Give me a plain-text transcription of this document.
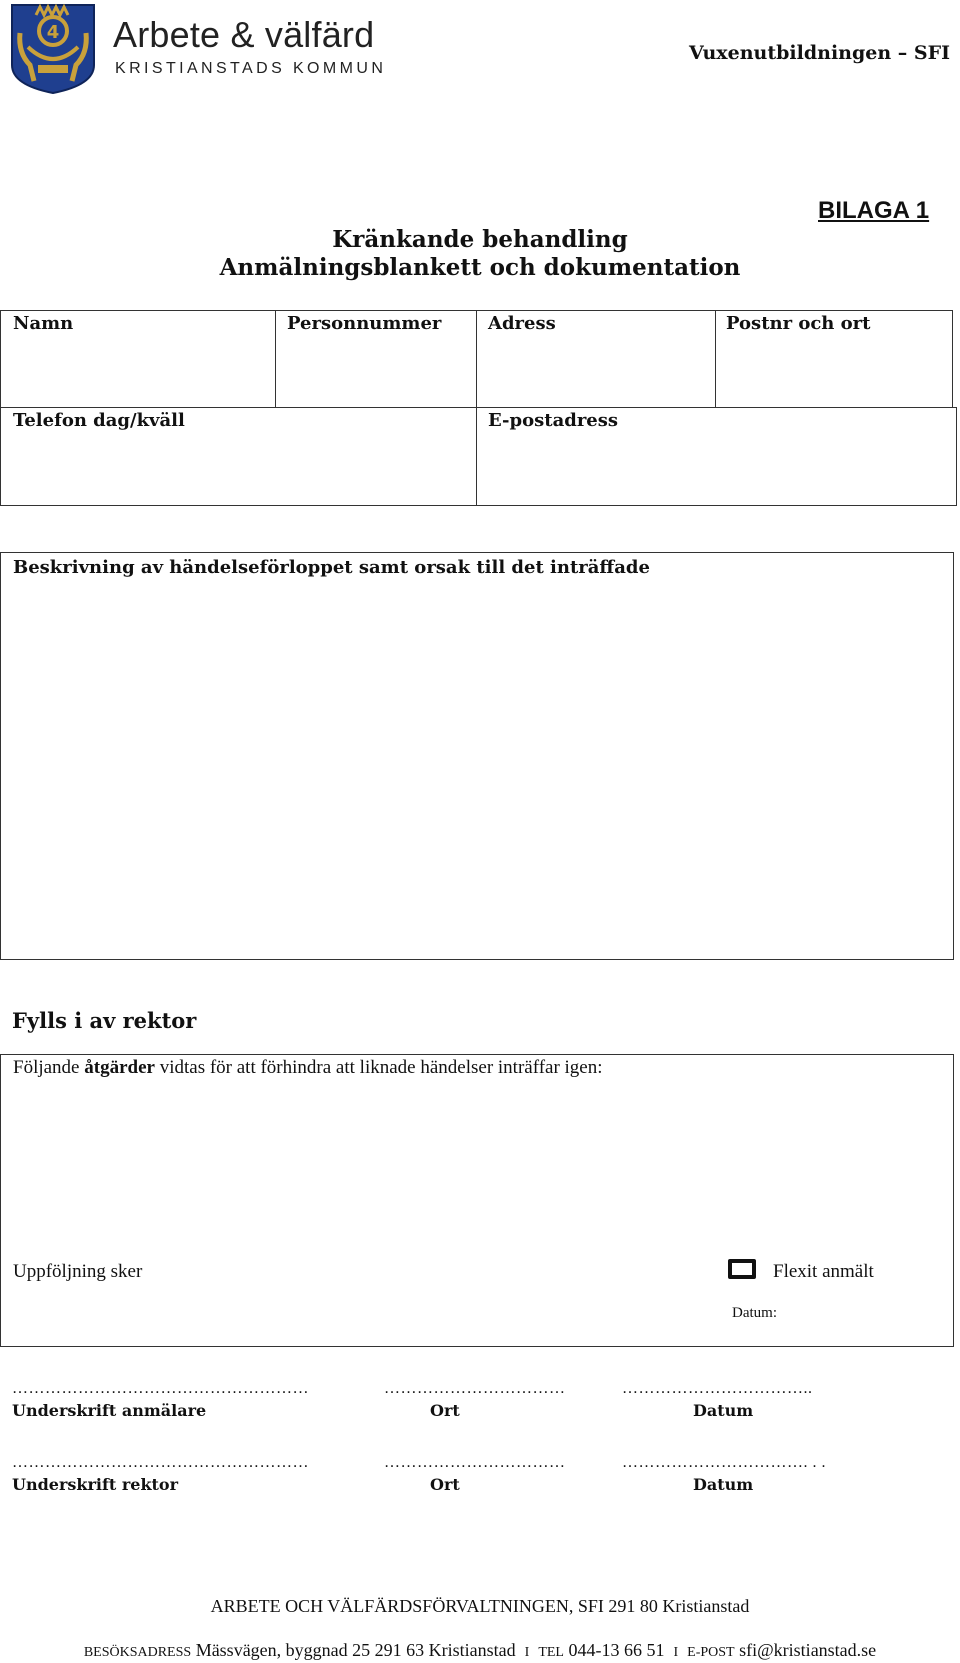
4 Arbete & välfärd
KRISTIANSTADS KOMMUN
Vuxenutbildningen – SFI
BILAGA 1
Kränkande behandling
Anmälningsblankett och dokumentation
Namn	Personnummer	Adress	Postnr och ort
Telefon dag/kväll	E-postadress
Beskrivning av händelseförloppet samt orsak till det inträffade
Fylls i av rektor
Följande åtgärder vidtas för att förhindra att liknade händelser inträffar igen:
Uppföljning sker	Flexit anmält
Datum:
………………………………………………	……………………………	……………………………..
Underskrift anmälare	Ort	Datum
………………………………………………	……………………………	……………………………. . .
Underskrift rektor	Ort	Datum
ARBETE OCH VÄLFÄRDSFÖRVALTNINGEN, SFI 291 80 Kristianstad
BESÖKSADRESS Mässvägen, byggnad 25 291 63 Kristianstad I TEL 044-13 66 51 I E-POST sfi@kristianstad.se
